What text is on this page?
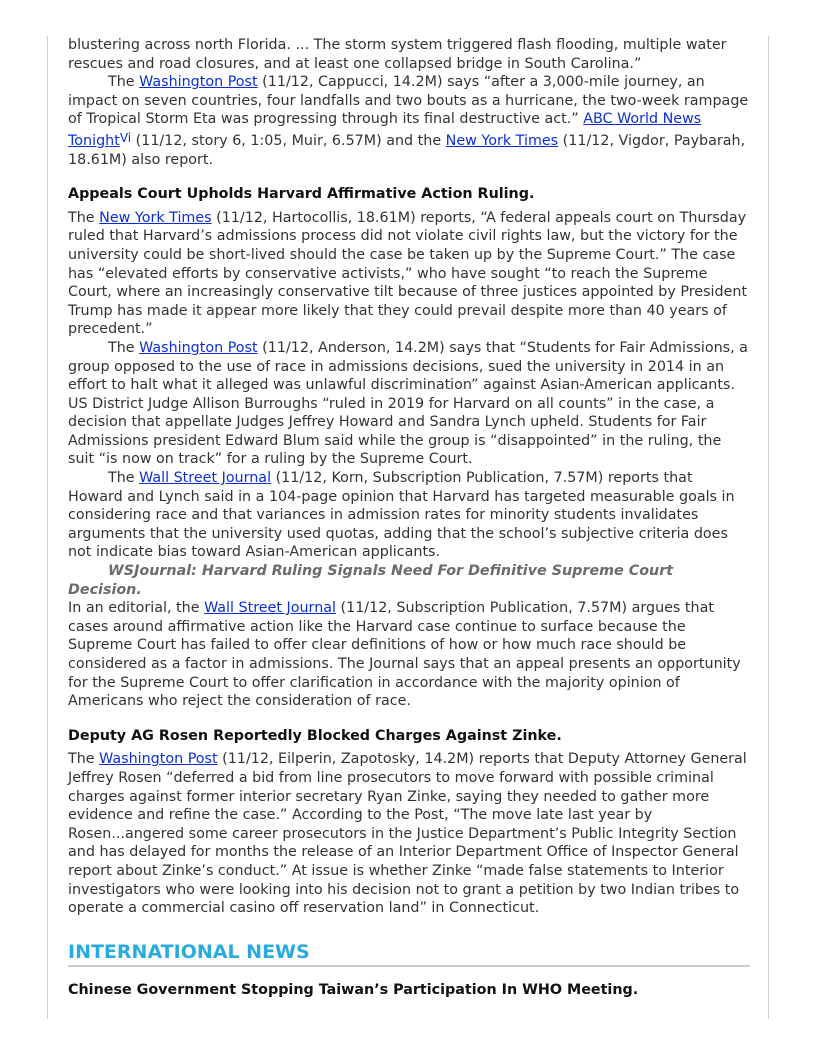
blustering across north Florida. ... The storm system triggered flash flooding, multiple water rescues and road closures, and at least one collapsed bridge in South Carolina.”

The Washington Post (11/12, Cappucci, 14.2M) says “after a 3,000-mile journey, an impact on seven countries, four landfalls and two bouts as a hurricane, the two-week rampage of Tropical Storm Eta was progressing through its final destructive act.” ABC World News Tonight$^{Vi}$ (11/12, story 6, 1:05, Muir, 6.57M) and the New York Times (11/12, Vigdor, Paybarah, 18.61M) also report.

Appeals Court Upholds Harvard Affirmative Action Ruling.

The New York Times (11/12, Hartocollis, 18.61M) reports, “A federal appeals court on Thursday ruled that Harvard’s admissions process did not violate civil rights law, but the victory for the university could be short-lived should the case be taken up by the Supreme Court.” The case has “elevated efforts by conservative activists,” who have sought “to reach the Supreme Court, where an increasingly conservative tilt because of three justices appointed by President Trump has made it appear more likely that they could prevail despite more than 40 years of precedent.”

The Washington Post (11/12, Anderson, 14.2M) says that “Students for Fair Admissions, a group opposed to the use of race in admissions decisions, sued the university in 2014 in an effort to halt what it alleged was unlawful discrimination” against Asian-American applicants. US District Judge Allison Burroughs “ruled in 2019 for Harvard on all counts” in the case, a decision that appellate Judges Jeffrey Howard and Sandra Lynch upheld. Students for Fair Admissions president Edward Blum said while the group is “disappointed” in the ruling, the suit “is now on track” for a ruling by the Supreme Court.

The Wall Street Journal (11/12, Korn, Subscription Publication, 7.57M) reports that Howard and Lynch said in a 104-page opinion that Harvard has targeted measurable goals in considering race and that variances in admission rates for minority students invalidates arguments that the university used quotas, adding that the school’s subjective criteria does not indicate bias toward Asian-American applicants.

WSJournal: Harvard Ruling Signals Need For Definitive Supreme Court Decision.

In an editorial, the Wall Street Journal (11/12, Subscription Publication, 7.57M) argues that cases around affirmative action like the Harvard case continue to surface because the Supreme Court has failed to offer clear definitions of how or how much race should be considered as a factor in admissions. The Journal says that an appeal presents an opportunity for the Supreme Court to offer clarification in accordance with the majority opinion of Americans who reject the consideration of race.

Deputy AG Rosen Reportedly Blocked Charges Against Zinke.

The Washington Post (11/12, Eilperin, Zapotosky, 14.2M) reports that Deputy Attorney General Jeffrey Rosen “deferred a bid from line prosecutors to move forward with possible criminal charges against former interior secretary Ryan Zinke, saying they needed to gather more evidence and refine the case.” According to the Post, “The move late last year by Rosen...angered some career prosecutors in the Justice Department’s Public Integrity Section and has delayed for months the release of an Interior Department Office of Inspector General report about Zinke’s conduct.” At issue is whether Zinke “made false statements to Interior investigators who were looking into his decision not to grant a petition by two Indian tribes to operate a commercial casino off reservation land” in Connecticut.

INTERNATIONAL NEWS
Chinese Government Stopping Taiwan’s Participation In WHO Meeting.
